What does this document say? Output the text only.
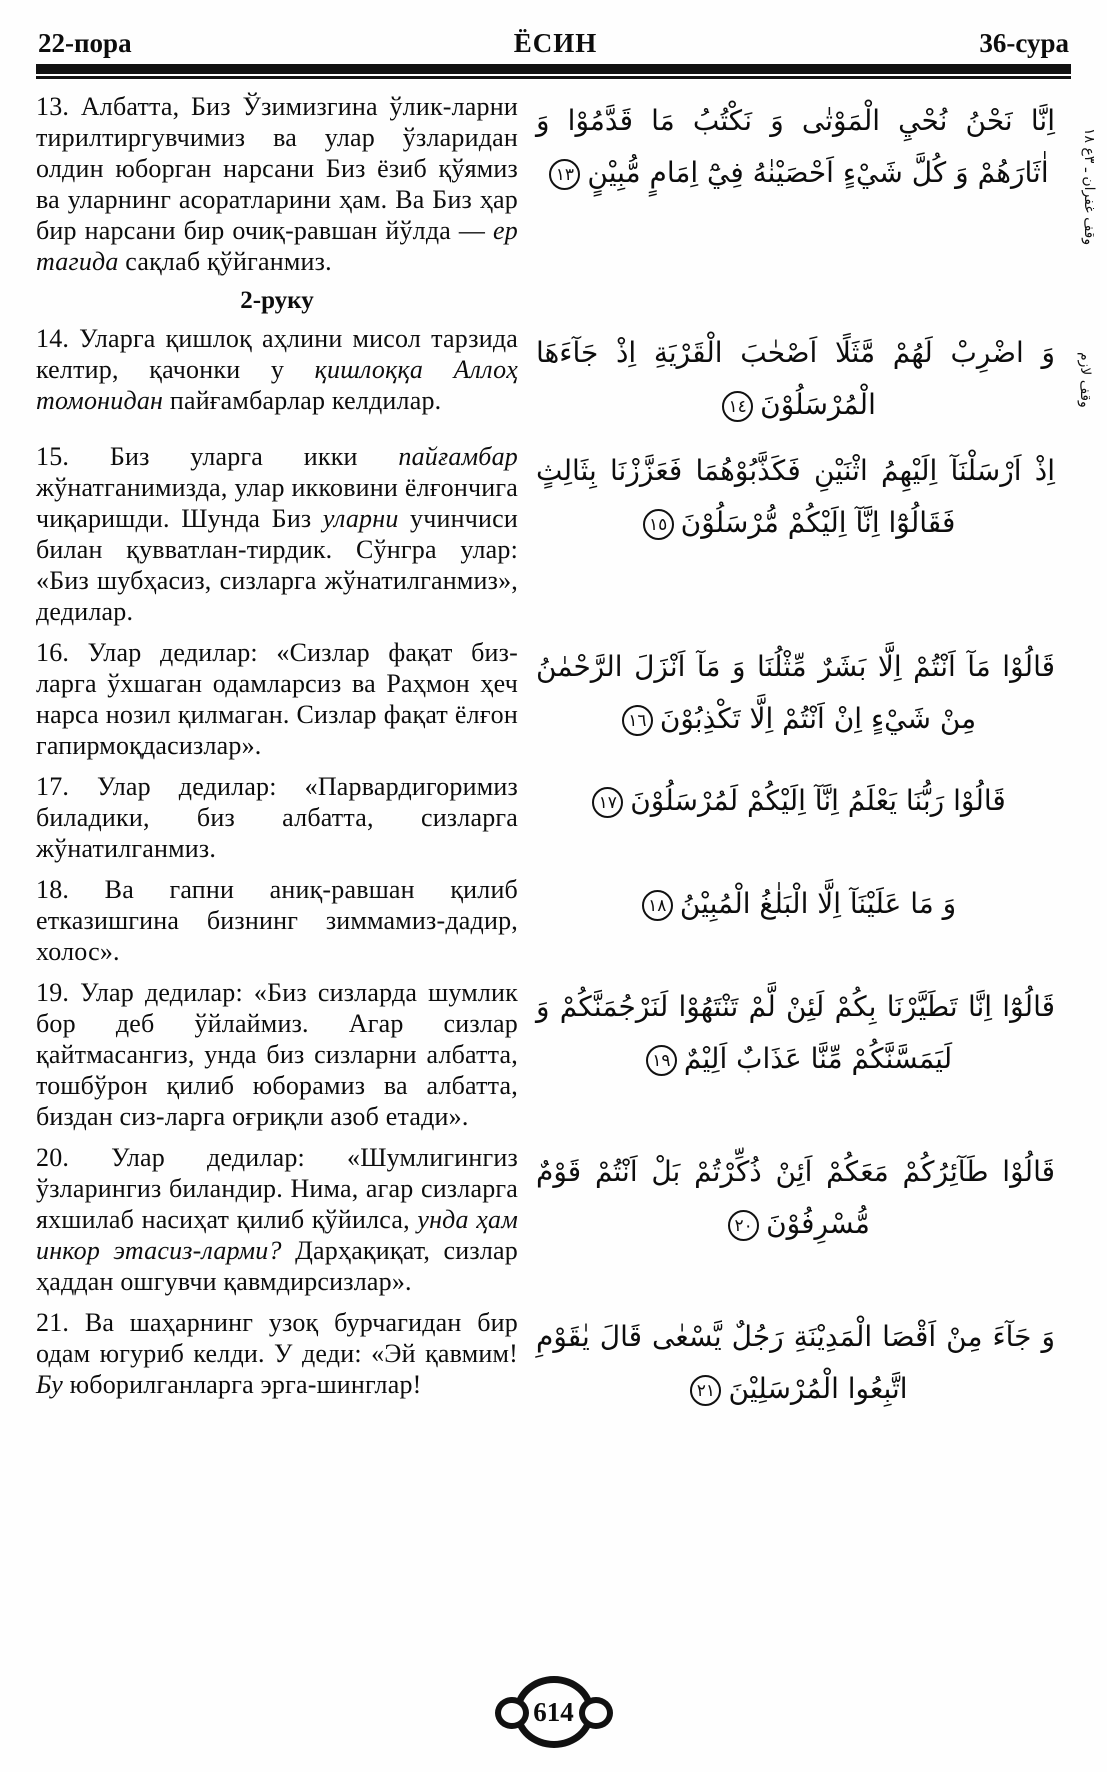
22-пора	ЁСИН	36-сура
13. Албатта, Биз Ўзимизгина ўлик-ларни тирилтиргувчимиз ва улар ўзларидан олдин юборган нарсани Биз ёзиб қўямиз ва уларнинг асоратларини ҳам. Ва Биз ҳар бир нарсани бир очиқ-равшан йўлда — ер тагида сақлаб қўйганмиз.
اِنَّا نَحْنُ نُحْيِ الْمَوْتٰى وَ نَكْتُبُ مَا قَدَّمُوْا وَ اٰثَارَهُمْ وَ كُلَّ شَيْءٍ اَحْصَيْنٰهُ فِيْٓ اِمَامٍ مُّبِيْنٍ١٣
2-руку
14. Уларга қишлоқ аҳлини мисол тарзида келтир, қачонки у қишлоққа Аллоҳ томонидан пайғамбарлар келдилар.
وَ اضْرِبْ لَهُمْ مَّثَلًا اَصْحٰبَ الْقَرْيَةِ اِذْ جَآءَهَا الْمُرْسَلُوْنَ١٤
15. Биз уларга икки пайғамбар жўнатганимизда, улар икковини ёлғончига чиқаришди. Шунда Биз уларни учинчиси билан қувватлан-тирдик. Сўнгра улар: «Биз шубҳасиз, сизларга жўнатилганмиз», дедилар.
اِذْ اَرْسَلْنَآ اِلَيْهِمُ اثْنَيْنِ فَكَذَّبُوْهُمَا فَعَزَّزْنَا بِثَالِثٍ فَقَالُوْٓا اِنَّآ اِلَيْكُمْ مُّرْسَلُوْنَ١٥
16. Улар дедилар: «Сизлар фақат биз-ларга ўхшаган одамларсиз ва Раҳмон ҳеч нарса нозил қилмаган. Сизлар фақат ёлғон гапирмоқдасизлар».
قَالُوْا مَآ اَنْتُمْ اِلَّا بَشَرٌ مِّثْلُنَا وَ مَآ اَنْزَلَ الرَّحْمٰنُ مِنْ شَيْءٍ اِنْ اَنْتُمْ اِلَّا تَكْذِبُوْنَ١٦
17. Улар дедилар: «Парвардигоримиз биладики, биз албатта, сизларга жўнатилганмиз.
قَالُوْا رَبُّنَا يَعْلَمُ اِنَّآ اِلَيْكُمْ لَمُرْسَلُوْنَ١٧
18. Ва гапни аниқ-равшан қилиб етказишгина бизнинг зиммамиз-дадир, холос».
وَ مَا عَلَيْنَآ اِلَّا الْبَلٰغُ الْمُبِيْنُ١٨
19. Улар дедилар: «Биз сизларда шумлик бор деб ўйлаймиз. Агар сизлар қайтмасангиз, унда биз сизларни албатта, тошбўрон қилиб юборамиз ва албатта, биздан сиз-ларга оғриқли азоб етади».
قَالُوْٓا اِنَّا تَطَيَّرْنَا بِكُمْ لَئِنْ لَّمْ تَنْتَهُوْا لَنَرْجُمَنَّكُمْ وَ لَيَمَسَّنَّكُمْ مِّنَّا عَذَابٌ اَلِيْمٌ١٩
20. Улар дедилар: «Шумлигингиз ўзларингиз биландир. Нима, агар сизларга яхшилаб насиҳат қилиб қўйилса, унда ҳам инкор этасиз-ларми? Дарҳақиқат, сизлар ҳаддан ошгувчи қавмдирсизлар».
قَالُوْا طَآئِرُكُمْ مَعَكُمْ اَئِنْ ذُكِّرْتُمْ بَلْ اَنْتُمْ قَوْمٌ مُّسْرِفُوْنَ٢٠
21. Ва шаҳарнинг узоқ бурчагидан бир одам югуриб келди. У деди: «Эй қавмим! Бу юборилганларга эрга-шинглар!
وَ جَآءَ مِنْ اَقْصَا الْمَدِيْنَةِ رَجُلٌ يَّسْعٰى قَالَ يٰقَوْمِ اتَّبِعُوا الْمُرْسَلِيْنَ٢١
وقف غفران ـ ٣ع ١٨
وقف لازم
614
